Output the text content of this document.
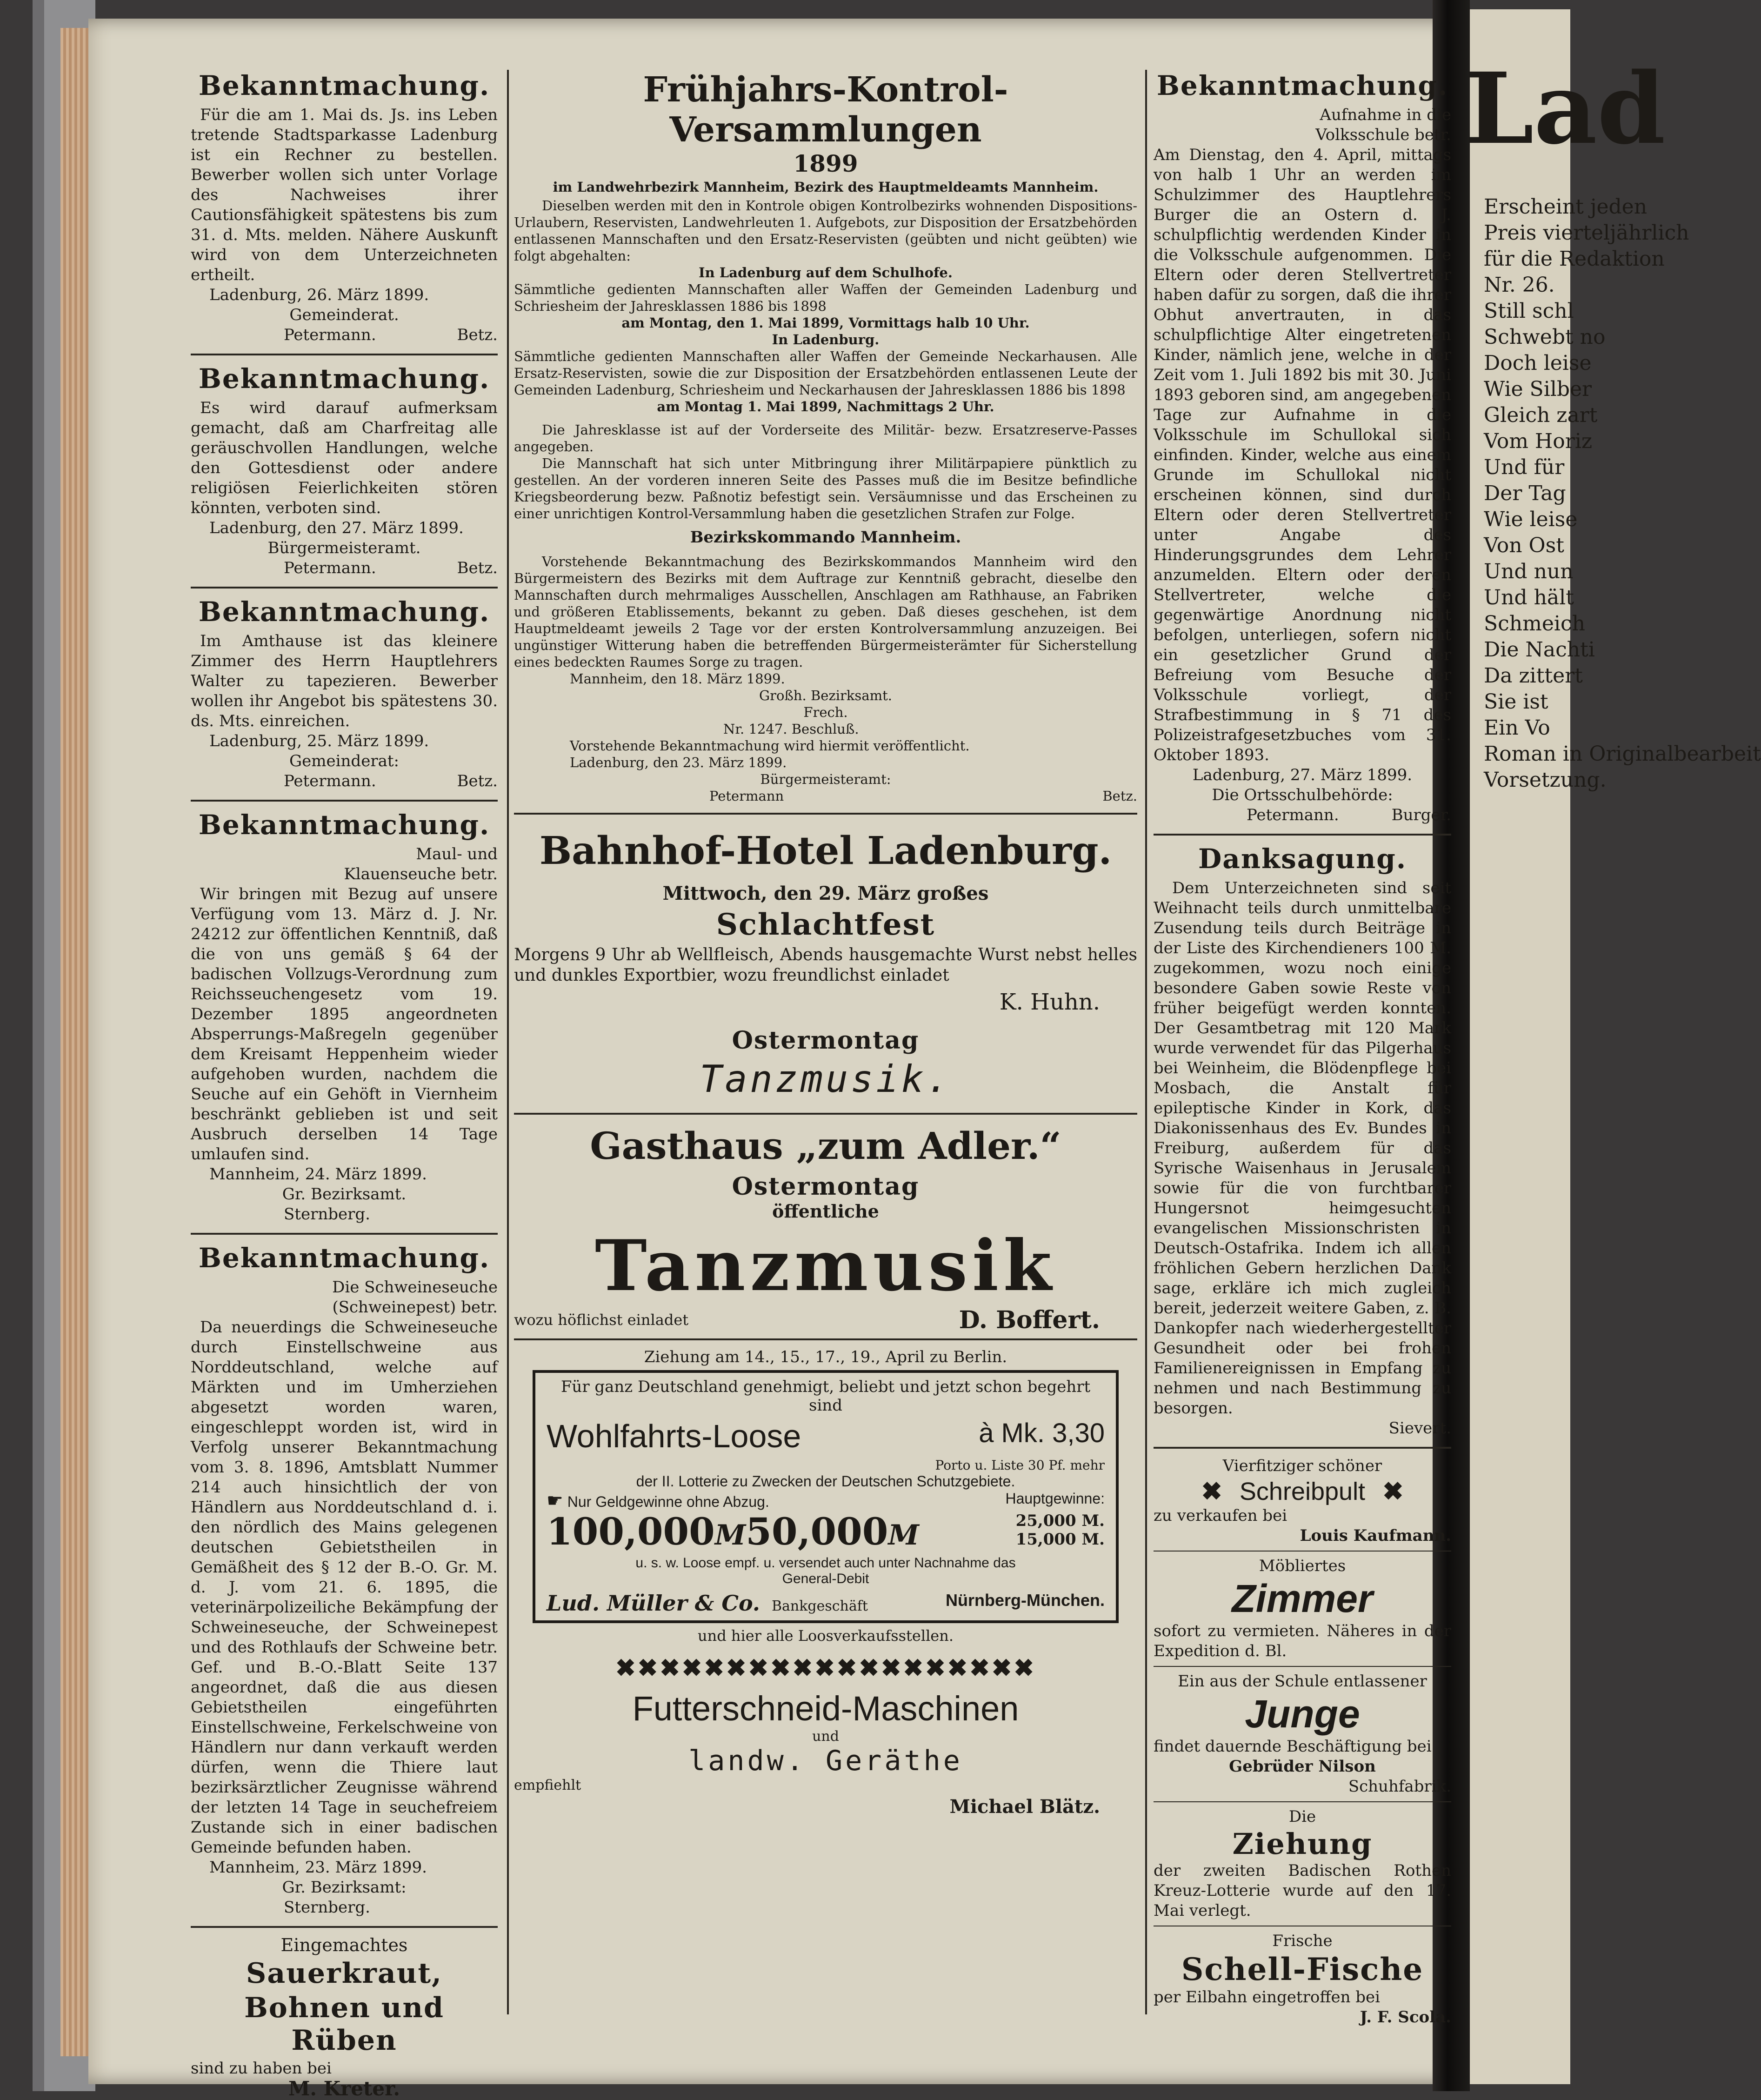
Lad
Erscheint jeden
Preis vierteljährlich
für die Redaktion
Nr. 26.
Still schl
Schwebt no
Doch leise
Wie Silber
Gleich zart
Vom Horiz
Und für
Der Tag
Wie leise
Von Ost
Und nun
Und hält
Schmeich
Die Nachti
Da zittert
Sie ist
Ein Vo
Roman in Originalbearbeit
Vorsetzung.
Bekanntmachung.

Für die am 1. Mai ds. Js. ins Leben tretende Stadtsparkasse Ladenburg ist ein Rechner zu bestellen. Bewerber wollen sich unter Vorlage des Nachweises ihrer Cautionsfähigkeit spätestens bis zum 31. d. Mts. melden. Nähere Auskunft wird von dem Unterzeichneten ertheilt.

Ladenburg, 26. März 1899.

Gemeinderat.

Petermann.	Betz.

Bekanntmachung.

Es wird darauf aufmerksam gemacht, daß am Charfreitag alle geräuschvollen Handlungen, welche den Gottesdienst oder andere religiösen Feierlichkeiten stören könnten, verboten sind.

Ladenburg, den 27. März 1899.

Bürgermeisteramt.

Petermann.	Betz.

Bekanntmachung.

Im Amthause ist das kleinere Zimmer des Herrn Hauptlehrers Walter zu tapezieren. Bewerber wollen ihr Angebot bis spätestens 30. ds. Mts. einreichen.

Ladenburg, 25. März 1899.

Gemeinderat:

Petermann.	Betz.

Bekanntmachung.

Maul- und Klauenseuche betr.

Wir bringen mit Bezug auf unsere Verfügung vom 13. März d. J. Nr. 24212 zur öffentlichen Kenntniß, daß die von uns gemäß § 64 der badischen Vollzugs-Verordnung zum Reichsseuchengesetz vom 19. Dezember 1895 angeordneten Absperrungs-Maßregeln gegenüber dem Kreisamt Heppenheim wieder aufgehoben wurden, nachdem die Seuche auf ein Gehöft in Viernheim beschränkt geblieben ist und seit Ausbruch derselben 14 Tage umlaufen sind.

Mannheim, 24. März 1899.

Gr. Bezirksamt.

Sternberg.

Bekanntmachung.

Die Schweineseuche (Schweinepest) betr.

Da neuerdings die Schweineseuche durch Einstellschweine aus Norddeutschland, welche auf Märkten und im Umherziehen abgesetzt worden waren, eingeschleppt worden ist, wird in Verfolg unserer Bekanntmachung vom 3. 8. 1896, Amtsblatt Nummer 214 auch hinsichtlich der von Händlern aus Norddeutschland d. i. den nördlich des Mains gelegenen deutschen Gebietstheilen in Gemäßheit des § 12 der B.-O. Gr. M. d. J. vom 21. 6. 1895, die veterinärpolizeiliche Bekämpfung der Schweineseuche, der Schweinepest und des Rothlaufs der Schweine betr. Gef. und B.-O.-Blatt Seite 137 angeordnet, daß die aus diesen Gebietstheilen eingeführten Einstellschweine, Ferkelschweine von Händlern nur dann verkauft werden dürfen, wenn die Thiere laut bezirksärztlicher Zeugnisse während der letzten 14 Tage in seuchefreiem Zustande sich in einer badischen Gemeinde befunden haben.

Mannheim, 23. März 1899.

Gr. Bezirksamt:

Sternberg.

Eingemachtes
Sauerkraut,
Bohnen und Rüben
sind zu haben bei
M. Kreter.
Frühjahrs-Kontrol-Versammlungen
1899

im Landwehrbezirk Mannheim, Bezirk des Hauptmeldeamts Mannheim.

Dieselben werden mit den in Kontrole obigen Kontrolbezirks wohnenden Dispositions-Urlaubern, Reservisten, Landwehrleuten 1. Aufgebots, zur Disposition der Ersatzbehörden entlassenen Mannschaften und den Ersatz-Reservisten (geübten und nicht geübten) wie folgt abgehalten:

In Ladenburg auf dem Schulhofe.

Sämmtliche gedienten Mannschaften aller Waffen der Gemeinden Ladenburg und Schriesheim der Jahresklassen 1886 bis 1898

am Montag, den 1. Mai 1899, Vormittags halb 10 Uhr.

In Ladenburg.

Sämmtliche gedienten Mannschaften aller Waffen der Gemeinde Neckarhausen. Alle Ersatz-Reservisten, sowie die zur Disposition der Ersatzbehörden entlassenen Leute der Gemeinden Ladenburg, Schriesheim und Neckarhausen der Jahresklassen 1886 bis 1898

am Montag 1. Mai 1899, Nachmittags 2 Uhr.

Die Jahresklasse ist auf der Vorderseite des Militär- bezw. Ersatzreserve-Passes angegeben.

Die Mannschaft hat sich unter Mitbringung ihrer Militärpapiere pünktlich zu gestellen. An der vorderen inneren Seite des Passes muß die im Besitze befindliche Kriegsbeorderung bezw. Paßnotiz befestigt sein. Versäumnisse und das Erscheinen zu einer unrichtigen Kontrol-Versammlung haben die gesetzlichen Strafen zur Folge.

Bezirkskommando Mannheim.

Vorstehende Bekanntmachung des Bezirkskommandos Mannheim wird den Bürgermeistern des Bezirks mit dem Auftrage zur Kenntniß gebracht, dieselbe den Mannschaften durch mehrmaliges Ausschellen, Anschlagen am Rathhause, an Fabriken und größeren Etablissements, bekannt zu geben. Daß dieses geschehen, ist dem Hauptmeldeamt jeweils 2 Tage vor der ersten Kontrolversammlung anzuzeigen. Bei ungünstiger Witterung haben die betreffenden Bürgermeisterämter für Sicherstellung eines bedeckten Raumes Sorge zu tragen.

Mannheim, den 18. März 1899.

Großh. Bezirksamt.

Frech.

Nr. 1247. Beschluß.

Vorstehende Bekanntmachung wird hiermit veröffentlicht.

Ladenburg, den 23. März 1899.

Bürgermeisteramt:

Petermann	Betz.

Bahnhof-Hotel Ladenburg.
Mittwoch, den 29. März großes
Schlachtfest

Morgens 9 Uhr ab Wellfleisch, Abends hausgemachte Wurst nebst helles und dunkles Exportbier, wozu freundlichst einladet

K. Huhn.
Ostermontag
Tanzmusik.
Gasthaus „zum Adler.“
Ostermontag
öffentliche
Tanzmusik
wozu höflichst einladet	D. Boffert.
Ziehung am 14., 15., 17., 19., April zu Berlin.
Für ganz Deutschland genehmigt, beliebt und jetzt schon begehrt sind
Wohlfahrts-Loose	à Mk. 3,30
Porto u. Liste 30 Pf. mehr
der II. Lotterie zu Zwecken der Deutschen Schutzgebiete.
☛ Nur Geldgewinne ohne Abzug.	Hauptgewinne:
100,000M50,000M	25,000 M.
15,000 M.
u. s. w. Loose empf. u. versendet auch unter Nachnahme das
General-Debit
Lud. Müller & Co. Bankgeschäft	Nürnberg-München.
und hier alle Loosverkaufsstellen.
✖✖✖✖✖✖✖✖✖✖✖✖✖✖✖✖✖✖✖
Futterschneid-Maschinen
und
landw. Geräthe
empfiehlt
Michael Blätz.
Bekanntmachung.

Aufnahme in die Volksschule betr.

Am Dienstag, den 4. April, mittags von halb 1 Uhr an werden im Schulzimmer des Hauptlehrers Burger die an Ostern d. J. schulpflichtig werdenden Kinder in die Volksschule aufgenommen. Die Eltern oder deren Stellvertreter haben dafür zu sorgen, daß die ihrer Obhut anvertrauten, in das schulpflichtige Alter eingetretenen Kinder, nämlich jene, welche in der Zeit vom 1. Juli 1892 bis mit 30. Juni 1893 geboren sind, am angegebenen Tage zur Aufnahme in die Volksschule im Schullokal sich einfinden. Kinder, welche aus einem Grunde im Schullokal nicht erscheinen können, sind durch Eltern oder deren Stellvertreter unter Angabe des Hinderungsgrundes dem Lehrer anzumelden. Eltern oder deren Stellvertreter, welche die gegenwärtige Anordnung nicht befolgen, unterliegen, sofern nicht ein gesetzlicher Grund der Befreiung vom Besuche der Volksschule vorliegt, der Strafbestimmung in § 71 des Polizeistrafgesetzbuches vom 31. Oktober 1893.

Ladenburg, 27. März 1899.

Die Ortsschulbehörde:

Petermann.	Burger.

Danksagung.

Dem Unterzeichneten sind seit Weihnacht teils durch unmittelbare Zusendung teils durch Beiträge in der Liste des Kirchendieners 100 M. zugekommen, wozu noch einige besondere Gaben sowie Reste von früher beigefügt werden konnten. Der Gesamtbetrag mit 120 Mark wurde verwendet für das Pilgerhaus bei Weinheim, die Blödenpflege bei Mosbach, die Anstalt für epileptische Kinder in Kork, das Diakonissenhaus des Ev. Bundes in Freiburg, außerdem für das Syrische Waisenhaus in Jerusalem sowie für die von furchtbarer Hungersnot heimgesuchten evangelischen Missionschristen in Deutsch-Ostafrika. Indem ich allen fröhlichen Gebern herzlichen Dank sage, erkläre ich mich zugleich bereit, jederzeit weitere Gaben, z. B. Dankopfer nach wiederhergestellter Gesundheit oder bei frohen Familienereignissen in Empfang zu nehmen und nach Bestimmung zu besorgen.

Sievert.

Vierfitziger schöner
✖ Schreibpult ✖
zu verkaufen bei
Louis Kaufmann.
Möbliertes
Zimmer

sofort zu vermieten. Näheres in der Expedition d. Bl.

Ein aus der Schule entlassener
Junge
findet dauernde Beschäftigung bei
Gebrüder Nilson
Schuhfabrik.
Die
Ziehung

der zweiten Badischen Rothen Kreuz-Lotterie wurde auf den 17. Mai verlegt.

Frische
Schell-Fische
per Eilbahn eingetroffen bei
J. F. Scola.
